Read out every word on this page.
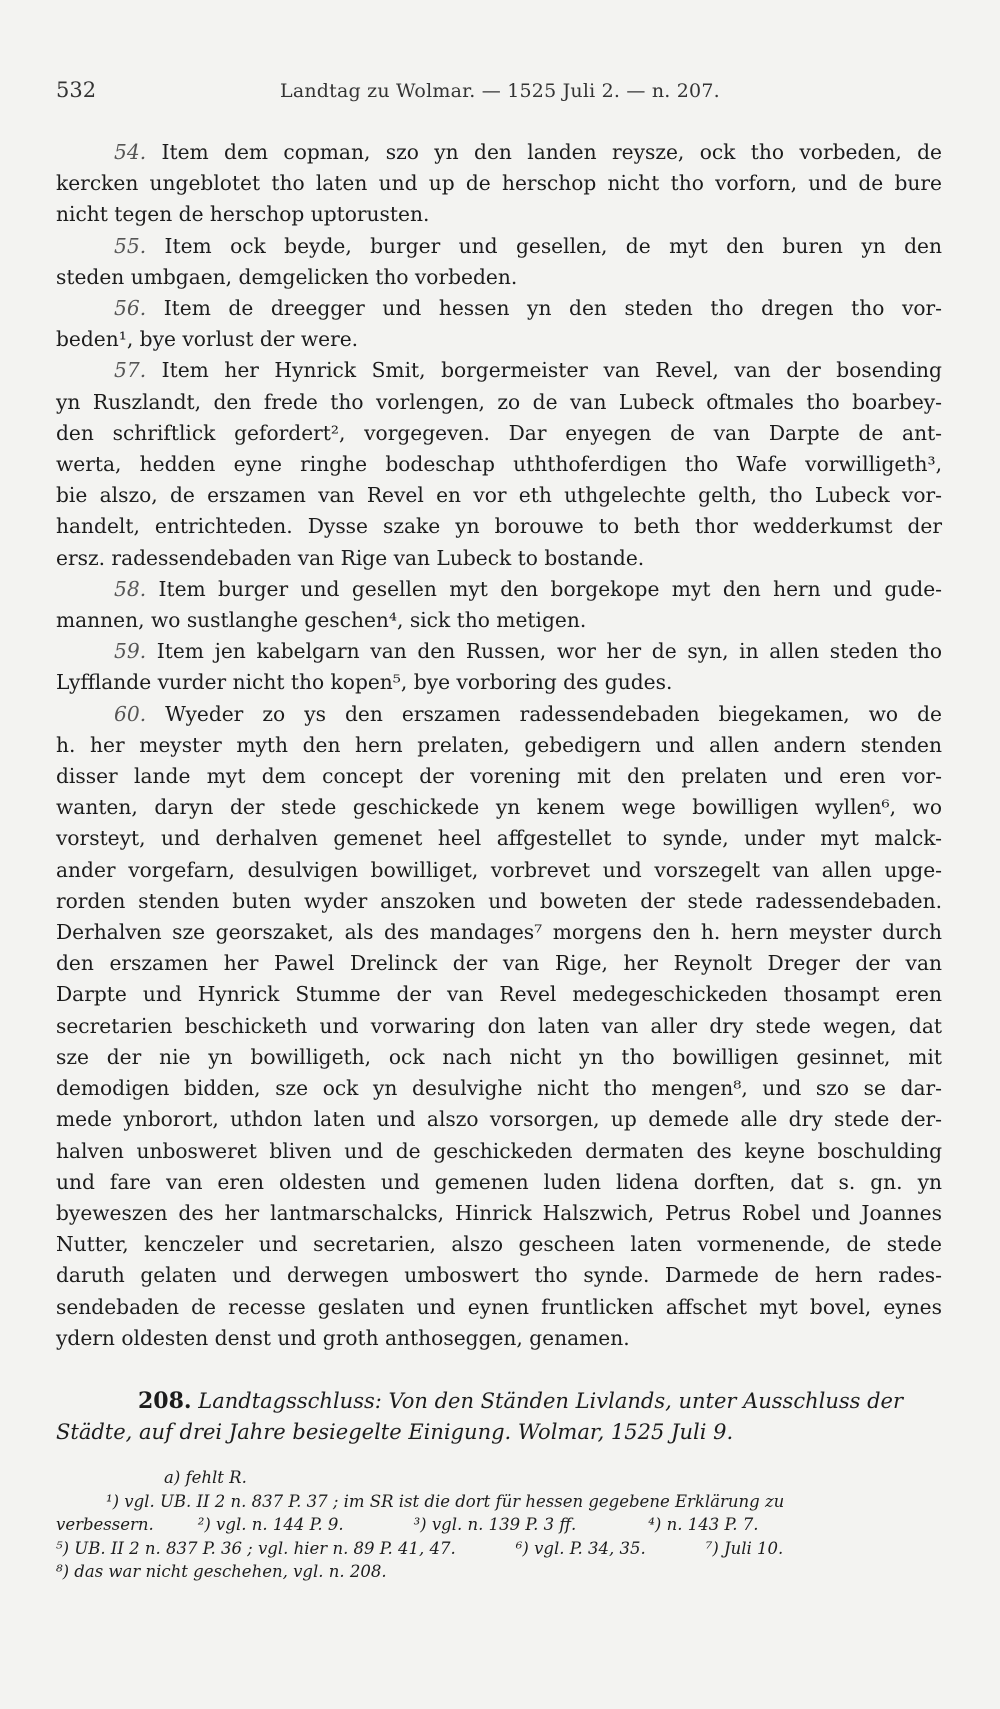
532	Landtag zu Wolmar. — 1525 Juli 2. — n. 207.
54. Item dem copman, szo yn den landen reysze, ock tho vorbeden, de
kercken ungeblotet tho laten und up de herschop nicht tho vorforn, und de bure
nicht tegen de herschop uptorusten.
55. Item ock beyde, burger und gesellen, de myt den buren yn den
steden umbgaen, demgelicken tho vorbeden.
56. Item de dreegger und hessen yn den steden tho dregen tho vor-
beden¹, bye vorlust der were.
57. Item her Hynrick Smit, borgermeister van Revel, van der bosending
yn Ruszlandt, den frede tho vorlengen, zo de van Lubeck oftmales tho boarbey-
den schriftlick gefordert², vorgegeven. Dar enyegen de van Darpte de ant-
werta, hedden eyne ringhe bodeschap uththoferdigen tho Wafe vorwilligeth³,
bie alszo, de erszamen van Revel en vor eth uthgelechte gelth, tho Lubeck vor-
handelt, entrichteden. Dysse szake yn borouwe to beth thor wedderkumst der
ersz. radessendebaden van Rige van Lubeck to bostande.
58. Item burger und gesellen myt den borgekope myt den hern und gude-
mannen, wo sustlanghe geschen⁴, sick tho metigen.
59. Item jen kabelgarn van den Russen, wor her de syn, in allen steden tho
Lyfflande vurder nicht tho kopen⁵, bye vorboring des gudes.
60. Wyeder zo ys den erszamen radessendebaden biegekamen, wo de
h. her meyster myth den hern prelaten, gebedigern und allen andern stenden
disser lande myt dem concept der vorening mit den prelaten und eren vor-
wanten, daryn der stede geschickede yn kenem wege bowilligen wyllen⁶, wo
vorsteyt, und derhalven gemenet heel affgestellet to synde, under myt malck-
ander vorgefarn, desulvigen bowilliget, vorbrevet und vorszegelt van allen upge-
rorden stenden buten wyder anszoken und boweten der stede radessendebaden.
Derhalven sze georszaket, als des mandages⁷ morgens den h. hern meyster durch
den erszamen her Pawel Drelinck der van Rige, her Reynolt Dreger der van
Darpte und Hynrick Stumme der van Revel medegeschickeden thosampt eren
secretarien beschicketh und vorwaring don laten van aller dry stede wegen, dat
sze der nie yn bowilligeth, ock nach nicht yn tho bowilligen gesinnet, mit
demodigen bidden, sze ock yn desulvighe nicht tho mengen⁸, und szo se dar-
mede ynborort, uthdon laten und alszo vorsorgen, up demede alle dry stede der-
halven unbosweret bliven und de geschickeden dermaten des keyne boschulding
und fare van eren oldesten und gemenen luden lidena dorften, dat s. gn. yn
byeweszen des her lantmarschalcks, Hinrick Halszwich, Petrus Robel und Joannes
Nutter, kenczeler und secretarien, alszo gescheen laten vormenende, de stede
daruth gelaten und derwegen umboswert tho synde. Darmede de hern rades-
sendebaden de recesse geslaten und eynen fruntlicken affschet myt bovel, eynes
ydern oldesten denst und groth anthoseggen, genamen.
208. Landtagsschluss: Von den Ständen Livlands, unter Ausschluss der
Städte, auf drei Jahre besiegelte Einigung. Wolmar, 1525 Juli 9.
a) fehlt R.
¹) vgl. UB. II 2 n. 837 P. 37 ; im SR ist die dort für hessen gegebene Erklärung zu
verbessern.	²) vgl. n. 144 P. 9.	³) vgl. n. 139 P. 3 ff.	⁴) n. 143 P. 7.
⁵) UB. II 2 n. 837 P. 36 ; vgl. hier n. 89 P. 41, 47.	⁶) vgl. P. 34, 35.	⁷) Juli 10.
⁸) das war nicht geschehen, vgl. n. 208.
